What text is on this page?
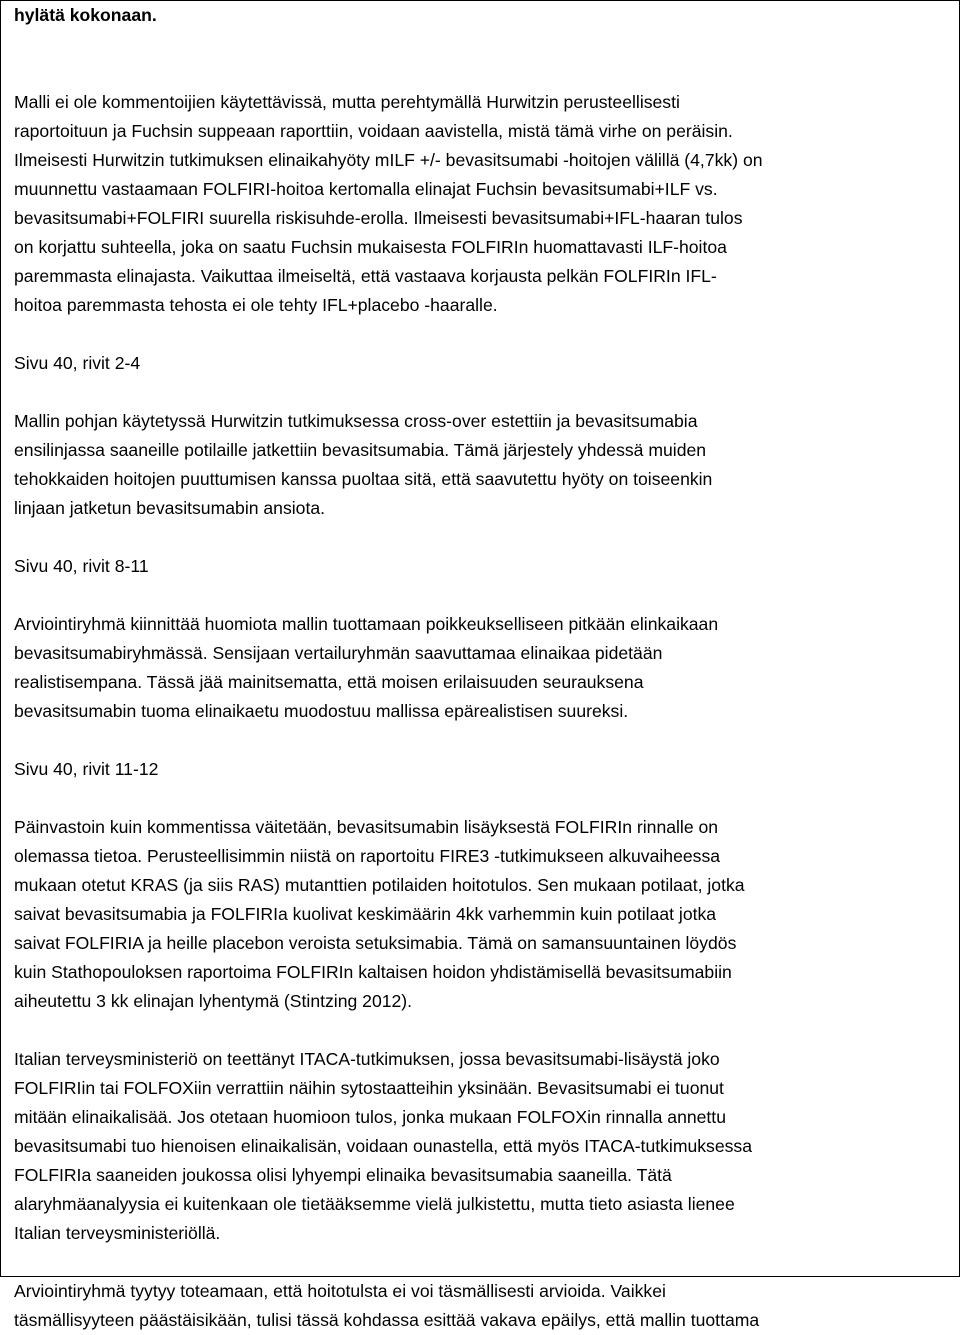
hylätä kokonaan.

Malli ei ole kommentoijien käytettävissä, mutta perehtymällä Hurwitzin perusteellisesti

raportoituun ja Fuchsin suppeaan raporttiin, voidaan aavistella, mistä tämä virhe on peräisin.

Ilmeisesti Hurwitzin tutkimuksen elinaikahyöty mILF +/- bevasitsumabi -hoitojen välillä (4,7kk) on

muunnettu vastaamaan FOLFIRI-hoitoa kertomalla elinajat Fuchsin bevasitsumabi+ILF vs.

bevasitsumabi+FOLFIRI suurella riskisuhde-erolla. Ilmeisesti bevasitsumabi+IFL-haaran tulos

on korjattu suhteella, joka on saatu Fuchsin mukaisesta FOLFIRIn huomattavasti ILF-hoitoa

paremmasta elinajasta. Vaikuttaa ilmeiseltä, että vastaava korjausta pelkän FOLFIRIn IFL-

hoitoa paremmasta tehosta ei ole tehty IFL+placebo -haaralle.

Sivu 40, rivit 2-4

Mallin pohjan käytetyssä Hurwitzin tutkimuksessa cross-over estettiin ja bevasitsumabia

ensilinjassa saaneille potilaille jatkettiin bevasitsumabia. Tämä järjestely yhdessä muiden

tehokkaiden hoitojen puuttumisen kanssa puoltaa sitä, että saavutettu hyöty on toiseenkin

linjaan jatketun bevasitsumabin ansiota.

Sivu 40, rivit 8-11

Arviointiryhmä kiinnittää huomiota mallin tuottamaan poikkeukselliseen pitkään elinkaikaan

bevasitsumabiryhmässä. Sensijaan vertailuryhmän saavuttamaa elinaikaa pidetään

realistisempana. Tässä jää mainitsematta, että moisen erilaisuuden seurauksena

bevasitsumabin tuoma elinaikaetu muodostuu mallissa epärealistisen suureksi.

Sivu 40, rivit 11-12

Päinvastoin kuin kommentissa väitetään, bevasitsumabin lisäyksestä FOLFIRIn rinnalle on

olemassa tietoa. Perusteellisimmin niistä on raportoitu FIRE3 -tutkimukseen alkuvaiheessa

mukaan otetut KRAS (ja siis RAS) mutanttien potilaiden hoitotulos. Sen mukaan potilaat, jotka

saivat bevasitsumabia ja FOLFIRIa kuolivat keskimäärin 4kk varhemmin kuin potilaat jotka

saivat FOLFIRIA ja heille placebon veroista setuksimabia. Tämä on samansuuntainen löydös

kuin Stathopouloksen raportoima FOLFIRIn kaltaisen hoidon yhdistämisellä bevasitsumabiin

aiheutettu 3 kk elinajan lyhentymä (Stintzing 2012).

Italian terveysministeriö on teettänyt ITACA-tutkimuksen, jossa bevasitsumabi-lisäystä joko

FOLFIRIin tai FOLFOXiin verrattiin näihin sytostaatteihin yksinään. Bevasitsumabi ei tuonut

mitään elinaikalisää. Jos otetaan huomioon tulos, jonka mukaan FOLFOXin rinnalla annettu

bevasitsumabi tuo hienoisen elinaikalisän, voidaan ounastella, että myös ITACA-tutkimuksessa

FOLFIRIa saaneiden joukossa olisi lyhyempi elinaika bevasitsumabia saaneilla. Tätä

alaryhmäanalyysia ei kuitenkaan ole tietääksemme vielä julkistettu, mutta tieto asiasta lienee

Italian terveysministeriöllä.

Arviointiryhmä tyytyy toteamaan, että hoitotulsta ei voi täsmällisesti arvioida. Vaikkei

täsmällisyyteen päästäisikään, tulisi tässä kohdassa esittää vakava epäilys, että mallin tuottama
